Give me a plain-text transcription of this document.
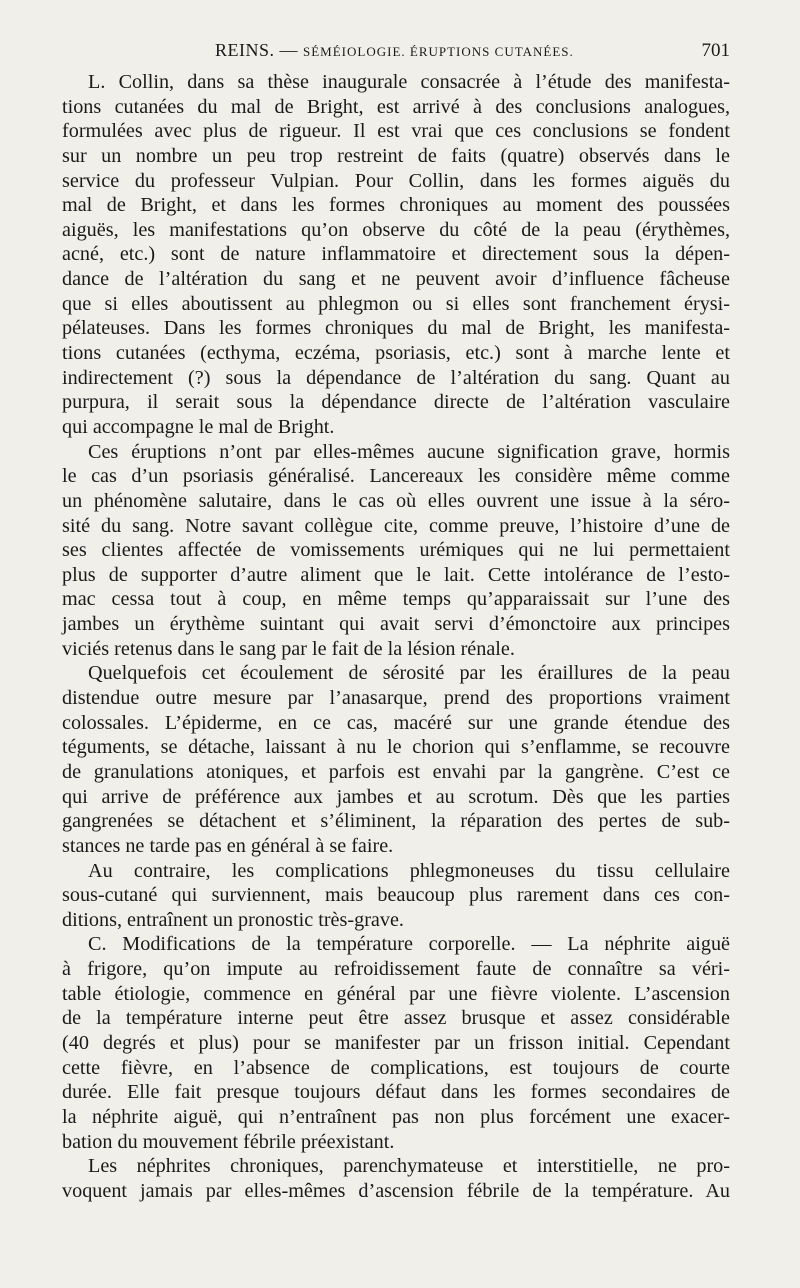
REINS. — SÉMÉIOLOGIE. ÉRUPTIONS CUTANÉES.	701
L. Collin, dans sa thèse inaugurale consacrée à l’étude des manifesta-
tions cutanées du mal de Bright, est arrivé à des conclusions analogues,
formulées avec plus de rigueur. Il est vrai que ces conclusions se fondent
sur un nombre un peu trop restreint de faits (quatre) observés dans le
service du professeur Vulpian. Pour Collin, dans les formes aiguës du
mal de Bright, et dans les formes chroniques au moment des poussées
aiguës, les manifestations qu’on observe du côté de la peau (érythèmes,
acné, etc.) sont de nature inflammatoire et directement sous la dépen-
dance de l’altération du sang et ne peuvent avoir d’influence fâcheuse
que si elles aboutissent au phlegmon ou si elles sont franchement érysi-
pélateuses. Dans les formes chroniques du mal de Bright, les manifesta-
tions cutanées (ecthyma, eczéma, psoriasis, etc.) sont à marche lente et
indirectement (?) sous la dépendance de l’altération du sang. Quant au
purpura, il serait sous la dépendance directe de l’altération vasculaire
qui accompagne le mal de Bright.
Ces éruptions n’ont par elles-mêmes aucune signification grave, hormis
le cas d’un psoriasis généralisé. Lancereaux les considère même comme
un phénomène salutaire, dans le cas où elles ouvrent une issue à la séro-
sité du sang. Notre savant collègue cite, comme preuve, l’histoire d’une de
ses clientes affectée de vomissements urémiques qui ne lui permettaient
plus de supporter d’autre aliment que le lait. Cette intolérance de l’esto-
mac cessa tout à coup, en même temps qu’apparaissait sur l’une des
jambes un érythème suintant qui avait servi d’émonctoire aux principes
viciés retenus dans le sang par le fait de la lésion rénale.
Quelquefois cet écoulement de sérosité par les éraillures de la peau
distendue outre mesure par l’anasarque, prend des proportions vraiment
colossales. L’épiderme, en ce cas, macéré sur une grande étendue des
téguments, se détache, laissant à nu le chorion qui s’enflamme, se recouvre
de granulations atoniques, et parfois est envahi par la gangrène. C’est ce
qui arrive de préférence aux jambes et au scrotum. Dès que les parties
gangrenées se détachent et s’éliminent, la réparation des pertes de sub-
stances ne tarde pas en général à se faire.
Au contraire, les complications phlegmoneuses du tissu cellulaire
sous-cutané qui surviennent, mais beaucoup plus rarement dans ces con-
ditions, entraînent un pronostic très-grave.
C. Modifications de la température corporelle. — La néphrite aiguë
à frigore, qu’on impute au refroidissement faute de connaître sa véri-
table étiologie, commence en général par une fièvre violente. L’ascension
de la température interne peut être assez brusque et assez considérable
(40 degrés et plus) pour se manifester par un frisson initial. Cependant
cette fièvre, en l’absence de complications, est toujours de courte
durée. Elle fait presque toujours défaut dans les formes secondaires de
la néphrite aiguë, qui n’entraînent pas non plus forcément une exacer-
bation du mouvement fébrile préexistant.
Les néphrites chroniques, parenchymateuse et interstitielle, ne pro-
voquent jamais par elles-mêmes d’ascension fébrile de la température. Au
